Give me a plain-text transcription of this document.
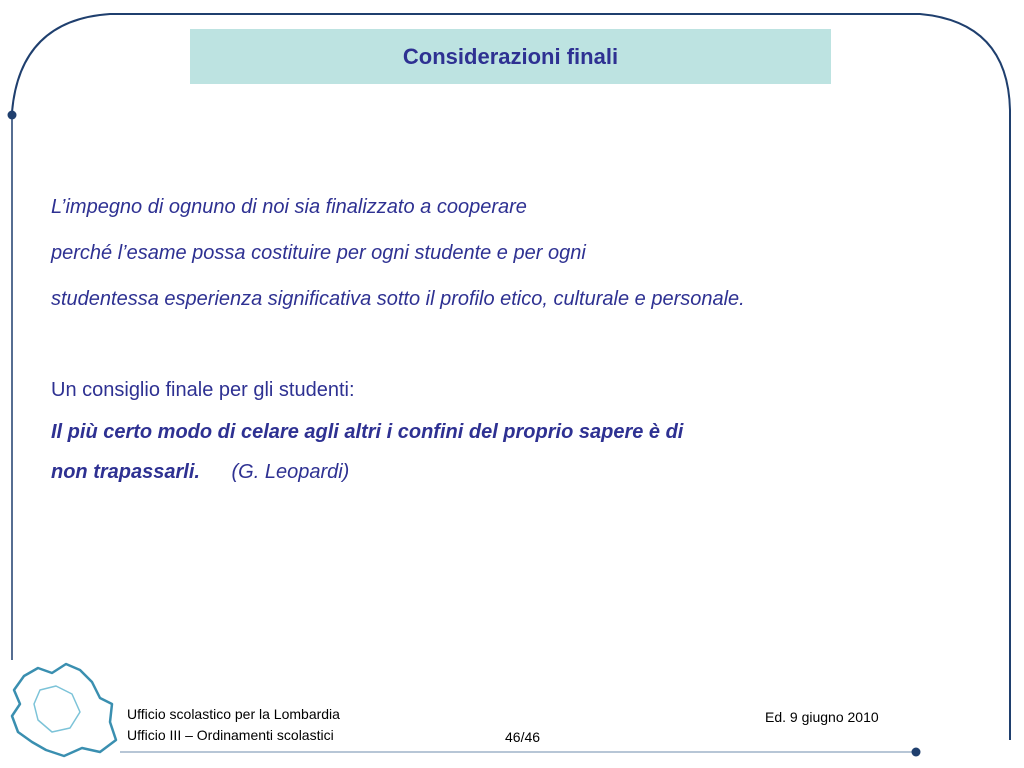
Considerazioni finali
L’impegno di ognuno di noi sia finalizzato a cooperare
perché l’esame possa costituire per ogni studente e per ogni
studentessa esperienza significativa sotto il profilo etico, culturale e personale.
Un consiglio finale per gli studenti:
Il più certo modo di celare agli altri i confini del proprio sapere è di
non trapassarli. (G. Leopardi)
Ufficio scolastico per la Lombardia
Ufficio III – Ordinamenti scolastici	46/46
Ed. 9 giugno 2010
